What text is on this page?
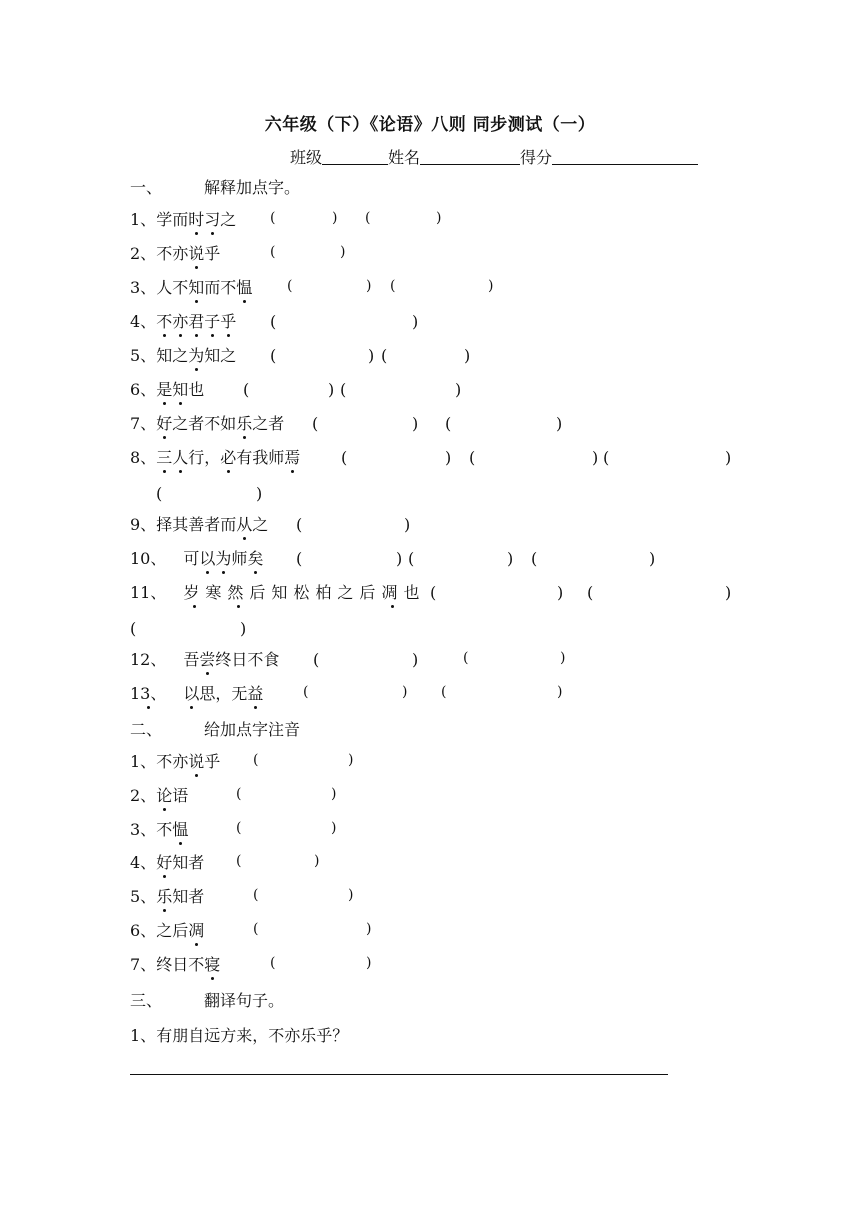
六年级（下）《论语》八则 同步测试（一）
班级	姓名	得分
一、	解释加点字。
1、学而时习之 (	) (	)
2、不亦说乎	(	)
3、人不知而不愠 (	) (	)
4、不亦君子乎 (	)
5、知之为知之 (	) (	)
6、是知也 (	) (	)
7、好之者不如乐之者 (	) (	)
8、三人行，必有我师焉	(	) (	) (	)
(	)
9、择其善者而从之 (	)
10、 可以为师矣 (	) (	) (	)
11、 岁寒然后知松柏之后凋也 (	) (	)
(	)
12、 吾尝终日不食 (	)	(	)
13、 以思，无益	(	) (	)
二、	给加点字注音
1、不亦说乎 (	)
2、论语	(	)
3、不愠	(	)
4、好知者 (	)
5、乐知者	(	)
6、之后凋	(	)
7、终日不寝	(	)
三、	翻译句子。
1、有朋自远方来，不亦乐乎？
